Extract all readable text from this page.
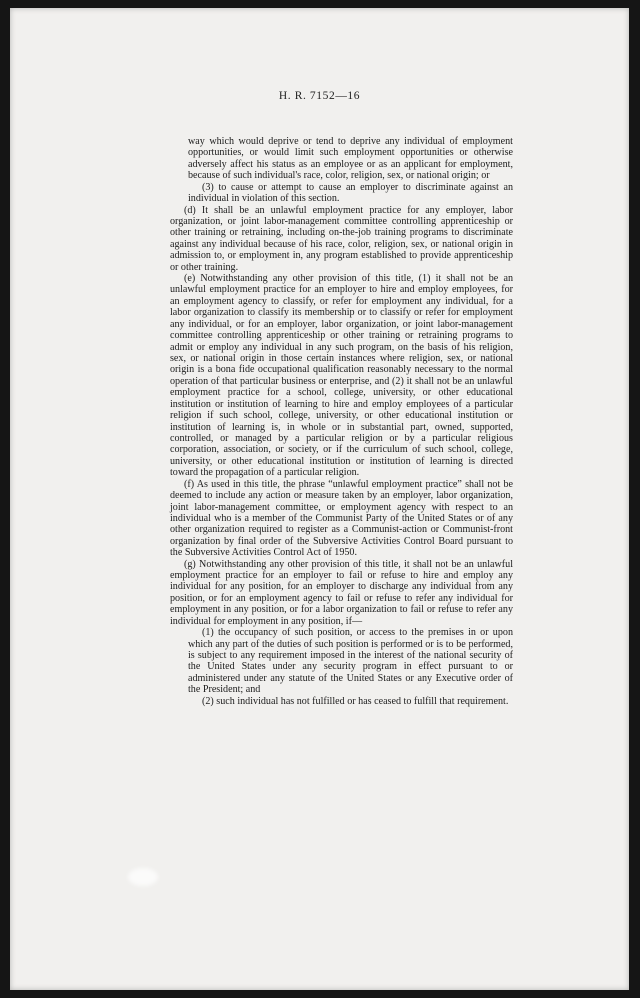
H. R. 7152—16

way which would deprive or tend to deprive any individual of employment opportunities, or would limit such employment opportunities or otherwise adversely affect his status as an employee or as an applicant for employment, because of such individual's race, color, religion, sex, or national origin; or

(3) to cause or attempt to cause an employer to discriminate against an individual in violation of this section.

(d) It shall be an unlawful employment practice for any employer, labor organization, or joint labor-management committee controlling apprenticeship or other training or retraining, including on-the-job training programs to discriminate against any individual because of his race, color, religion, sex, or national origin in admission to, or employment in, any program established to provide apprenticeship or other training.

(e) Notwithstanding any other provision of this title, (1) it shall not be an unlawful employment practice for an employer to hire and employ employees, for an employment agency to classify, or refer for employment any individual, for a labor organization to classify its membership or to classify or refer for employment any individual, or for an employer, labor organization, or joint labor-management committee controlling apprenticeship or other training or retraining programs to admit or employ any individual in any such program, on the basis of his religion, sex, or national origin in those certain instances where religion, sex, or national origin is a bona fide occupational qualification reasonably necessary to the normal operation of that particular business or enterprise, and (2) it shall not be an unlawful employment practice for a school, college, university, or other educational institution or institution of learning to hire and employ employees of a particular religion if such school, college, university, or other educational institution or institution of learning is, in whole or in substantial part, owned, supported, controlled, or managed by a particular religion or by a particular religious corporation, association, or society, or if the curriculum of such school, college, university, or other educational institution or institution of learning is directed toward the propagation of a particular religion.

(f) As used in this title, the phrase “unlawful employment practice” shall not be deemed to include any action or measure taken by an employer, labor organization, joint labor-management committee, or employment agency with respect to an individual who is a member of the Communist Party of the United States or of any other organization required to register as a Communist-action or Communist-front organization by final order of the Subversive Activities Control Board pursuant to the Subversive Activities Control Act of 1950.

(g) Notwithstanding any other provision of this title, it shall not be an unlawful employment practice for an employer to fail or refuse to hire and employ any individual for any position, for an employer to discharge any individual from any position, or for an employment agency to fail or refuse to refer any individual for employment in any position, or for a labor organization to fail or refuse to refer any individual for employment in any position, if—

(1) the occupancy of such position, or access to the premises in or upon which any part of the duties of such position is performed or is to be performed, is subject to any requirement imposed in the interest of the national security of the United States under any security program in effect pursuant to or administered under any statute of the United States or any Executive order of the President; and

(2) such individual has not fulfilled or has ceased to fulfill that requirement.
